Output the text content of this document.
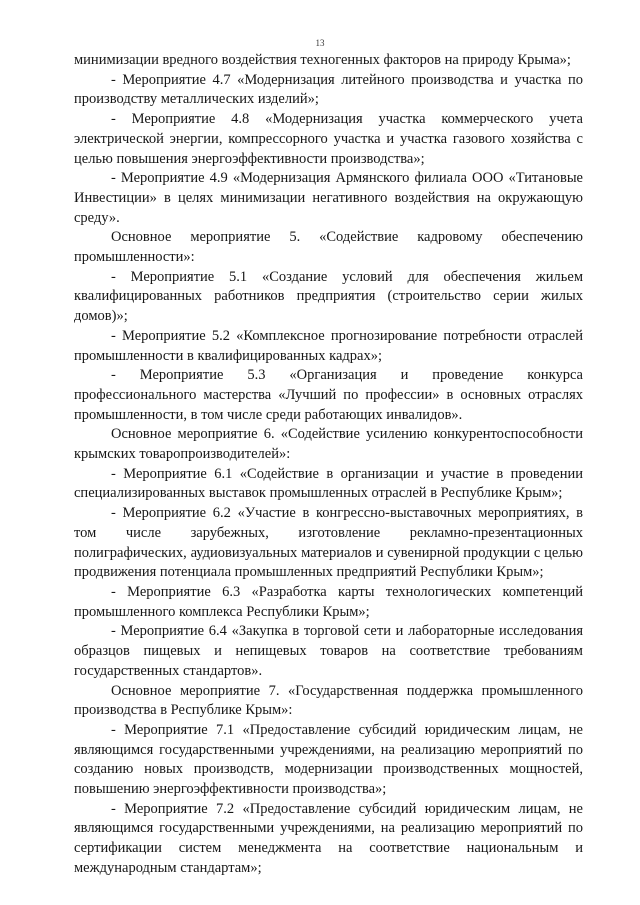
13

минимизации вредного воздействия техногенных факторов на природу Крыма»;

- Мероприятие 4.7 «Модернизация литейного производства и участка по производству металлических изделий»;

- Мероприятие 4.8 «Модернизация участка коммерческого учета электрической энергии, компрессорного участка и участка газового хозяйства с целью повышения энергоэффективности производства»;

- Мероприятие 4.9 «Модернизация Армянского филиала ООО «Титановые Инвестиции» в целях минимизации негативного воздействия на окружающую среду».

Основное мероприятие 5. «Содействие кадровому обеспечению промышленности»:

- Мероприятие 5.1 «Создание условий для обеспечения жильем квалифицированных работников предприятия (строительство серии жилых домов)»;

- Мероприятие 5.2 «Комплексное прогнозирование потребности отраслей промышленности в квалифицированных кадрах»;

- Мероприятие 5.3 «Организация и проведение конкурса профессионального мастерства «Лучший по профессии» в основных отраслях промышленности, в том числе среди работающих инвалидов».

Основное мероприятие 6. «Содействие усилению конкурентоспособности крымских товаропроизводителей»:

- Мероприятие 6.1 «Содействие в организации и участие в проведении специализированных выставок промышленных отраслей в Республике Крым»;

- Мероприятие 6.2 «Участие в конгрессно-выставочных мероприятиях, в том числе зарубежных, изготовление рекламно-презентационных полиграфических, аудиовизуальных материалов и сувенирной продукции с целью продвижения потенциала промышленных предприятий Республики Крым»;

- Мероприятие 6.3 «Разработка карты технологических компетенций промышленного комплекса Республики Крым»;

- Мероприятие 6.4 «Закупка в торговой сети и лабораторные исследования образцов пищевых и непищевых товаров на соответствие требованиям государственных стандартов».

Основное мероприятие 7. «Государственная поддержка промышленного производства в Республике Крым»:

- Мероприятие 7.1 «Предоставление субсидий юридическим лицам, не являющимся государственными учреждениями, на реализацию мероприятий по созданию новых производств, модернизации производственных мощностей, повышению энергоэффективности производства»;

- Мероприятие 7.2 «Предоставление субсидий юридическим лицам, не являющимся государственными учреждениями, на реализацию мероприятий по сертификации систем менеджмента на соответствие национальным и международным стандартам»;
